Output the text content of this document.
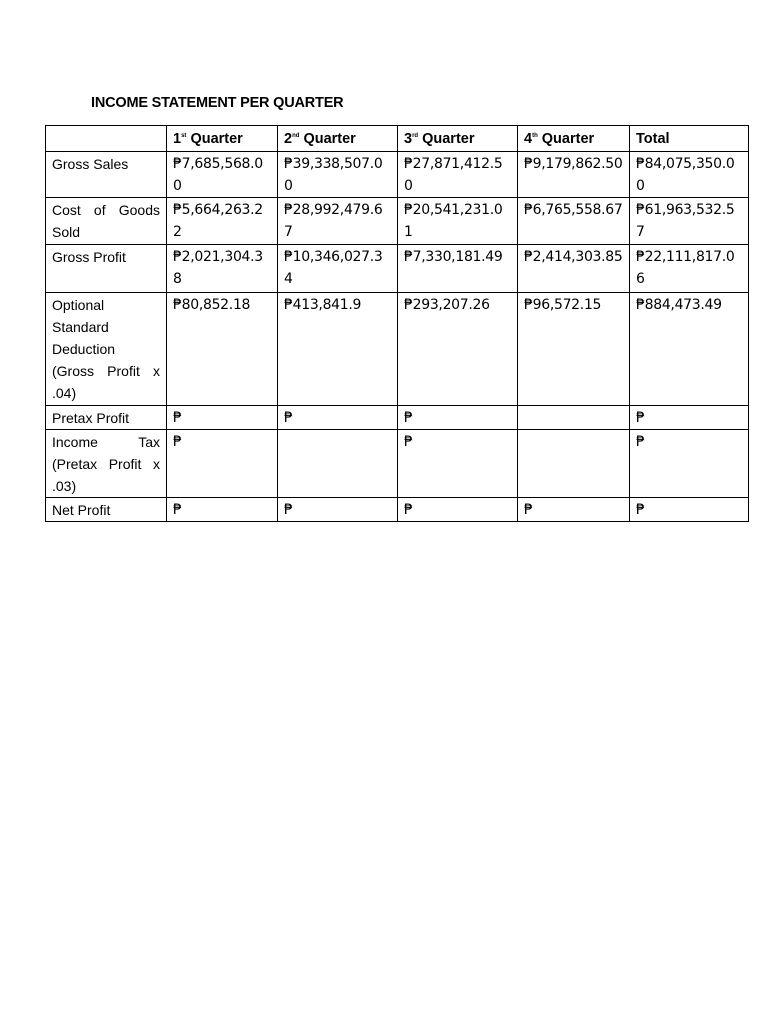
INCOME STATEMENT PER QUARTER
	1st Quarter	2nd Quarter	3rd Quarter	4th Quarter	Total
Gross Sales	₱7,685,568.00	₱39,338,507.00	₱27,871,412.50	₱9,179,862.50	₱84,075,350.00
Cost of Goods Sold	₱5,664,263.22	₱28,992,479.67	₱20,541,231.01	₱6,765,558.67	₱61,963,532.57
Gross Profit	₱2,021,304.38	₱10,346,027.34	₱7,330,181.49	₱2,414,303.85	₱22,111,817.06
Optional Standard Deduction (Gross Profit x .04)	₱80,852.18	₱413,841.9	₱293,207.26	₱96,572.15	₱884,473.49
Pretax Profit	₱	₱	₱		₱
Income Tax (Pretax Profit x .03)	₱		₱		₱
Net Profit	₱	₱	₱	₱	₱
